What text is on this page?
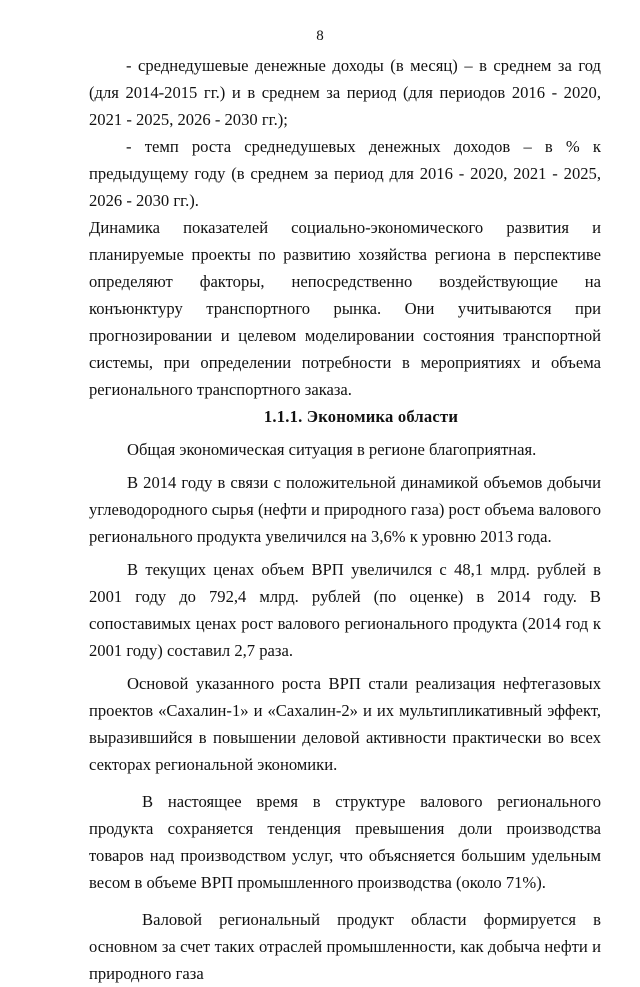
8

- среднедушевые денежные доходы (в месяц) – в среднем за год (для 2014-2015 гг.) и в среднем за период (для периодов 2016 - 2020, 2021 - 2025, 2026 - 2030 гг.);

- темп роста среднедушевых денежных доходов – в % к предыдущему году (в среднем за период для 2016 - 2020, 2021 - 2025, 2026 - 2030 гг.).

Динамика показателей социально-экономического развития и планируемые проекты по развитию хозяйства региона в перспективе определяют факторы, непосредственно воздействующие на конъюнктуру транспортного рынка. Они учитываются при прогнозировании и целевом моделировании состояния транспортной системы, при определении потребности в мероприятиях и объема регионального транспортного заказа.

1.1.1. Экономика области

Общая экономическая ситуация в регионе благоприятная.

В 2014 году в связи с положительной динамикой объемов добычи углеводородного сырья (нефти и природного газа) рост объема валового регионального продукта увеличился на 3,6% к уровню 2013 года.

В текущих ценах объем ВРП увеличился с 48,1 млрд. рублей в 2001 году до 792,4 млрд. рублей (по оценке) в 2014 году. В сопоставимых ценах рост валового регионального продукта (2014 год к 2001 году) составил 2,7 раза.

Основой указанного роста ВРП стали реализация нефтегазовых проектов «Сахалин-1» и «Сахалин-2» и их мультипликативный эффект, выразившийся в повышении деловой активности практически во всех секторах региональной экономики.

В настоящее время в структуре валового регионального продукта сохраняется тенденция превышения доли производства товаров над производством услуг, что объясняется большим удельным весом в объеме ВРП промышленного производства (около 71%).

Валовой региональный продукт области формируется в основном за счет таких отраслей промышленности, как добыча нефти и природного газа
